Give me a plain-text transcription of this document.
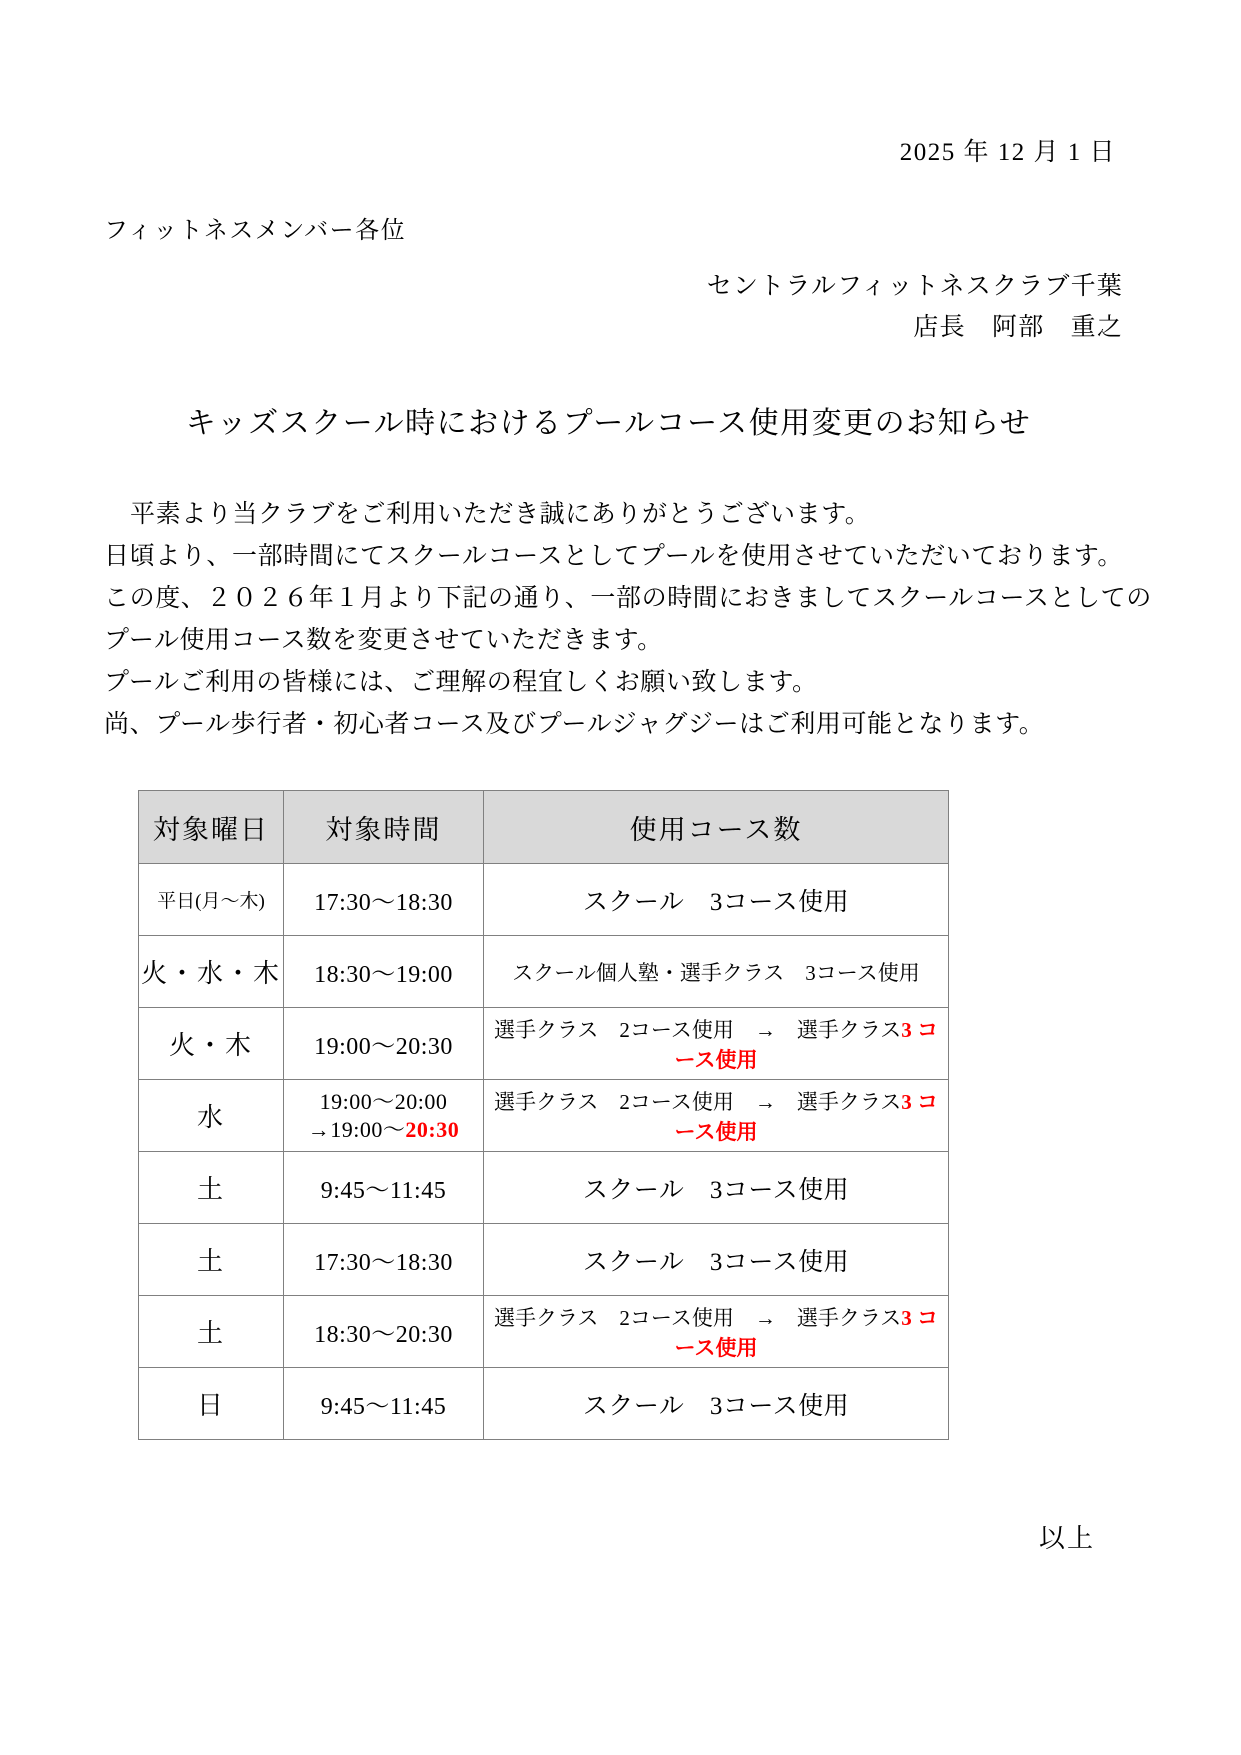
2025 年 12 月 1 日
フィットネスメンバー各位
セントラルフィットネスクラブ千葉
店長　阿部　重之
キッズスクール時におけるプールコース使用変更のお知らせ

平素より当クラブをご利用いただき誠にありがとうございます。

日頃より、一部時間にてスクールコースとしてプールを使用させていただいております。

この度、２０２６年１月より下記の通り、一部の時間におきましてスクールコースとしての

プール使用コース数を変更させていただきます。

プールご利用の皆様には、ご理解の程宜しくお願い致します。

尚、プール歩行者・初心者コース及びプールジャグジーはご利用可能となります。

対象曜日	対象時間	使用コース数
平日(月〜木)	17:30〜18:30	スクール　3コース使用
火・水・木	18:30〜19:00	スクール個人塾・選手クラス　3コース使用
火・木	19:00〜20:30	選手クラス　2コース使用　→　選手クラス3 コース使用
水	19:00〜20:00
→19:00〜20:30	選手クラス　2コース使用　→　選手クラス3 コース使用
土	9:45〜11:45	スクール　3コース使用
土	17:30〜18:30	スクール　3コース使用
土	18:30〜20:30	選手クラス　2コース使用　→　選手クラス3 コース使用
日	9:45〜11:45	スクール　3コース使用
以上
